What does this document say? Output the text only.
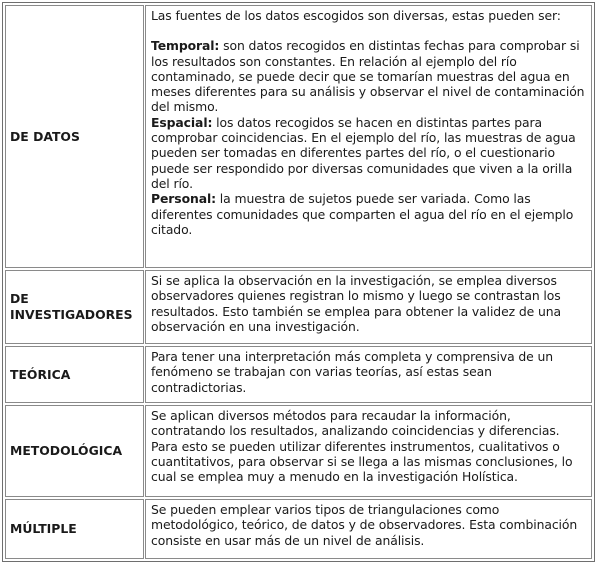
DE DATOS

Las fuentes de los datos escogidos son diversas, estas pueden ser:

Temporal: son datos recogidos en distintas fechas para comprobar si los resultados son constantes. En relación al ejemplo del río contaminado, se puede decir que se tomarían muestras del agua en meses diferentes para su análisis y observar el nivel de contaminación del mismo.

Espacial: los datos recogidos se hacen en distintas partes para comprobar coincidencias. En el ejemplo del río, las muestras de agua pueden ser tomadas en diferentes partes del río, o el cuestionario puede ser respondido por diversas comunidades que viven a la orilla del río.

Personal: la muestra de sujetos puede ser variada. Como las diferentes comunidades que comparten el agua del río en el ejemplo citado.

DE
INVESTIGADORES

Si se aplica la observación en la investigación, se emplea diversos observadores quienes registran lo mismo y luego se contrastan los resultados. Esto también se emplea para obtener la validez de una observación en una investigación.

TEÓRICA

Para tener una interpretación más completa y comprensiva de un fenómeno se trabajan con varias teorías, así estas sean contradictorias.

METODOLÓGICA

Se aplican diversos métodos para recaudar la información, contratando los resultados, analizando coincidencias y diferencias. Para esto se pueden utilizar diferentes instrumentos, cualitativos o cuantitativos, para observar si se llega a las mismas conclusiones, lo cual se emplea muy a menudo en la investigación Holística.

MÚLTIPLE

Se pueden emplear varios tipos de triangulaciones como metodológico, teórico, de datos y de observadores. Esta combinación consiste en usar más de un nivel de análisis.
